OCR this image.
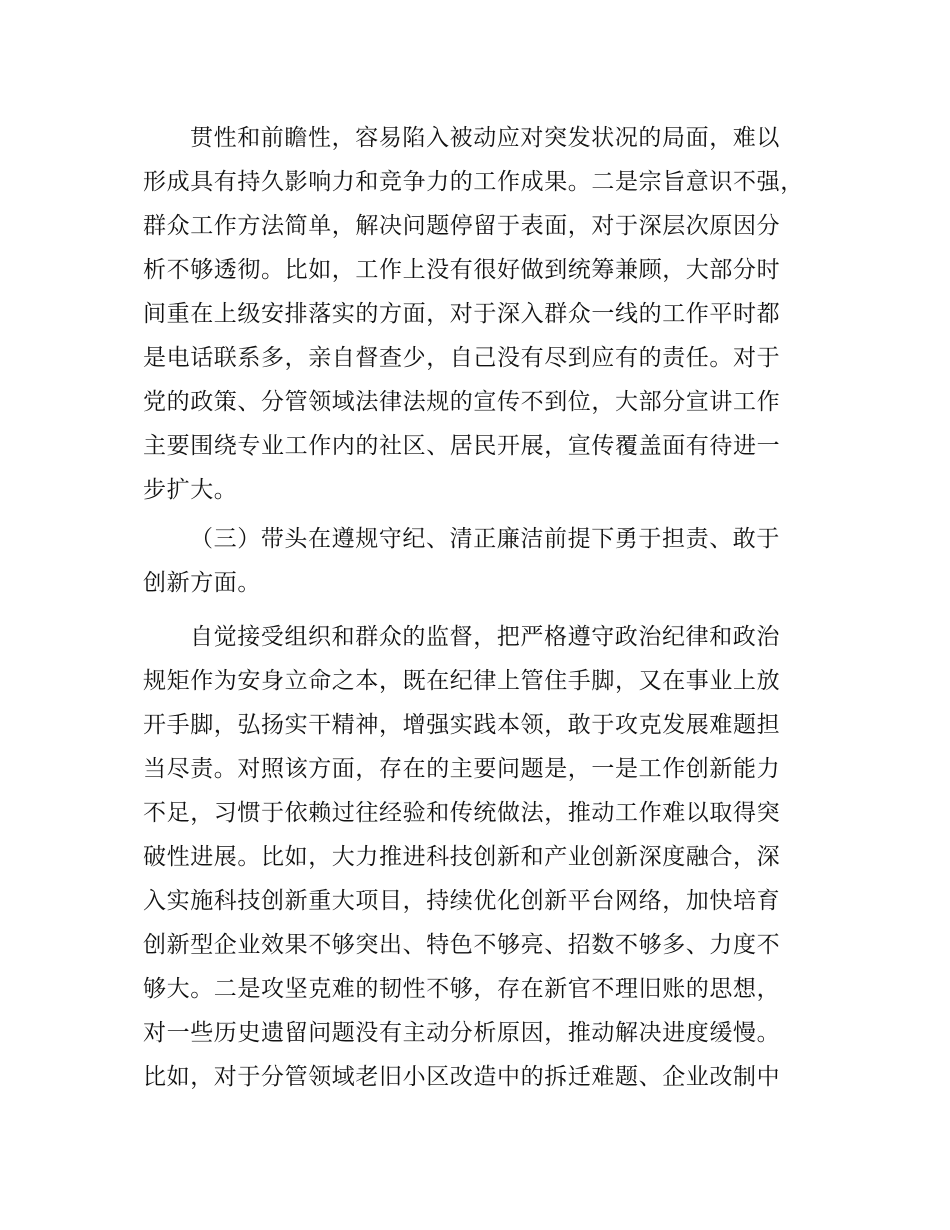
贯性和前瞻性，容易陷入被动应对突发状况的局面，难以
形成具有持久影响力和竞争力的工作成果。二是宗旨意识不强，
群众工作方法简单，解决问题停留于表面，对于深层次原因分
析不够透彻。比如，工作上没有很好做到统筹兼顾，大部分时
间重在上级安排落实的方面，对于深入群众一线的工作平时都
是电话联系多，亲自督查少，自己没有尽到应有的责任。对于
党的政策、分管领域法律法规的宣传不到位，大部分宣讲工作
主要围绕专业工作内的社区、居民开展，宣传覆盖面有待进一
步扩大。
（三）带头在遵规守纪、清正廉洁前提下勇于担责、敢于
创新方面。
自觉接受组织和群众的监督，把严格遵守政治纪律和政治
规矩作为安身立命之本，既在纪律上管住手脚，又在事业上放
开手脚，弘扬实干精神，增强实践本领，敢于攻克发展难题担
当尽责。对照该方面，存在的主要问题是，一是工作创新能力
不足，习惯于依赖过往经验和传统做法，推动工作难以取得突
破性进展。比如，大力推进科技创新和产业创新深度融合，深
入实施科技创新重大项目，持续优化创新平台网络，加快培育
创新型企业效果不够突出、特色不够亮、招数不够多、力度不
够大。二是攻坚克难的韧性不够，存在新官不理旧账的思想，
对一些历史遗留问题没有主动分析原因，推动解决进度缓慢。
比如，对于分管领域老旧小区改造中的拆迁难题、企业改制中
